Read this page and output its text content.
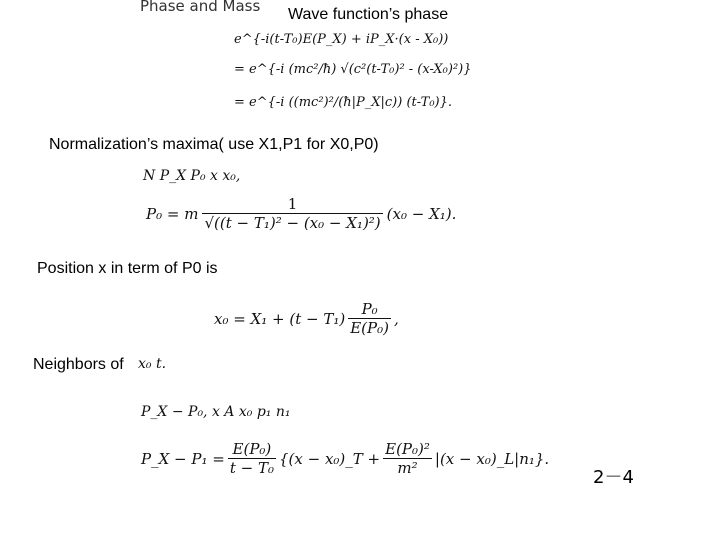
Phase and Mass Wave function’s phase
e^{-i(t-T₀)E(P_X) + iP_X·(x - X₀))
= e^{-i (mc²/ħ) √(c²(t-T₀)² - (x-X₀)²)}
= e^{-i ((mc²)²/(ħ|P_X|c)) (t-T₀)}.
Normalization’s maxima( use X1,P1 for X0,P0)
N P_X P₀ x x₀,
P₀ = m $\frac{1}{\text{√((t − T₁)² − (x₀ − X₁)²)}} (x_0 - X_1)$.
Position x in term of P0 is
$x_0 = X_1 + (t - T_1) \frac{\text{P₀}}{\text{E(P₀)}}$ ,
Neighbors of x₀ t.
P_X − P₀, x A x₀ p₁ n₁
P_X − $P_1 = \frac{\text{E(P₀)}}{\text{t − T₀}} \{(x$ − x₀)_T + $\frac{\text{E(P₀)²}}{\text{m²}} |(x$ − x₀)_L|n₁}.
2－4
